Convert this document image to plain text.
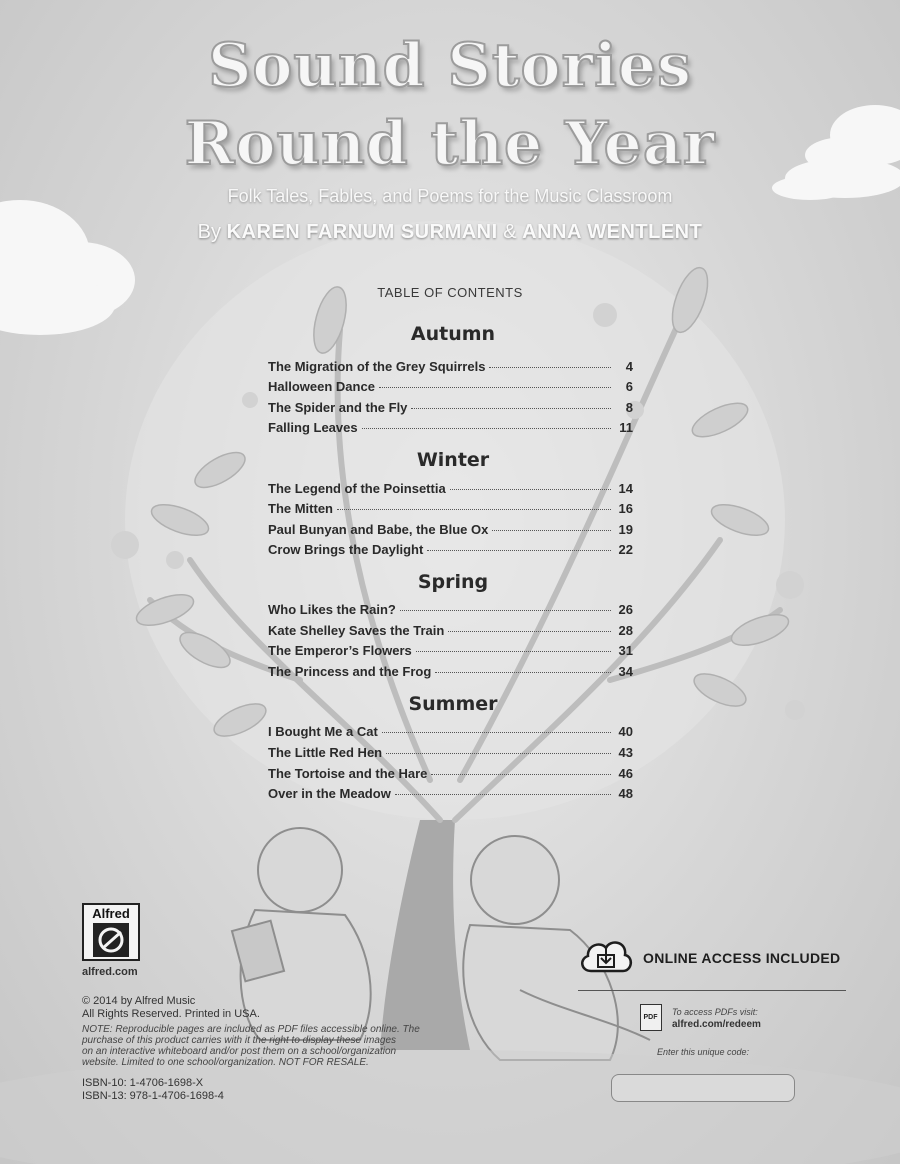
Sound Stories
Round the Year
Folk Tales, Fables, and Poems for the Music Classroom
By KAREN FARNUM SURMANI & ANNA WENTLENT
TABLE OF CONTENTS
Autumn
The Migration of the Grey Squirrels	4
Halloween Dance	6
The Spider and the Fly	8
Falling Leaves	11
Winter
The Legend of the Poinsettia	14
The Mitten	16
Paul Bunyan and Babe, the Blue Ox	19
Crow Brings the Daylight	22
Spring
Who Likes the Rain?	26
Kate Shelley Saves the Train	28
The Emperor’s Flowers	31
The Princess and the Frog	34
Summer
I Bought Me a Cat	40
The Little Red Hen	43
The Tortoise and the Hare	46
Over in the Meadow	48
Alfred
alfred.com
© 2014 by Alfred Music
All Rights Reserved. Printed in USA.
NOTE: Reproducible pages are included as PDF files accessible online. The
purchase of this product carries with it the right to display these images
on an interactive whiteboard and/or post them on a school/organization
website. Limited to one school/organization. NOT FOR RESALE.
ISBN-10: 1-4706-1698-X
ISBN-13: 978-1-4706-1698-4
ONLINE ACCESS INCLUDED
PDF
To access PDFs visit:
alfred.com/redeem
Enter this unique code:
